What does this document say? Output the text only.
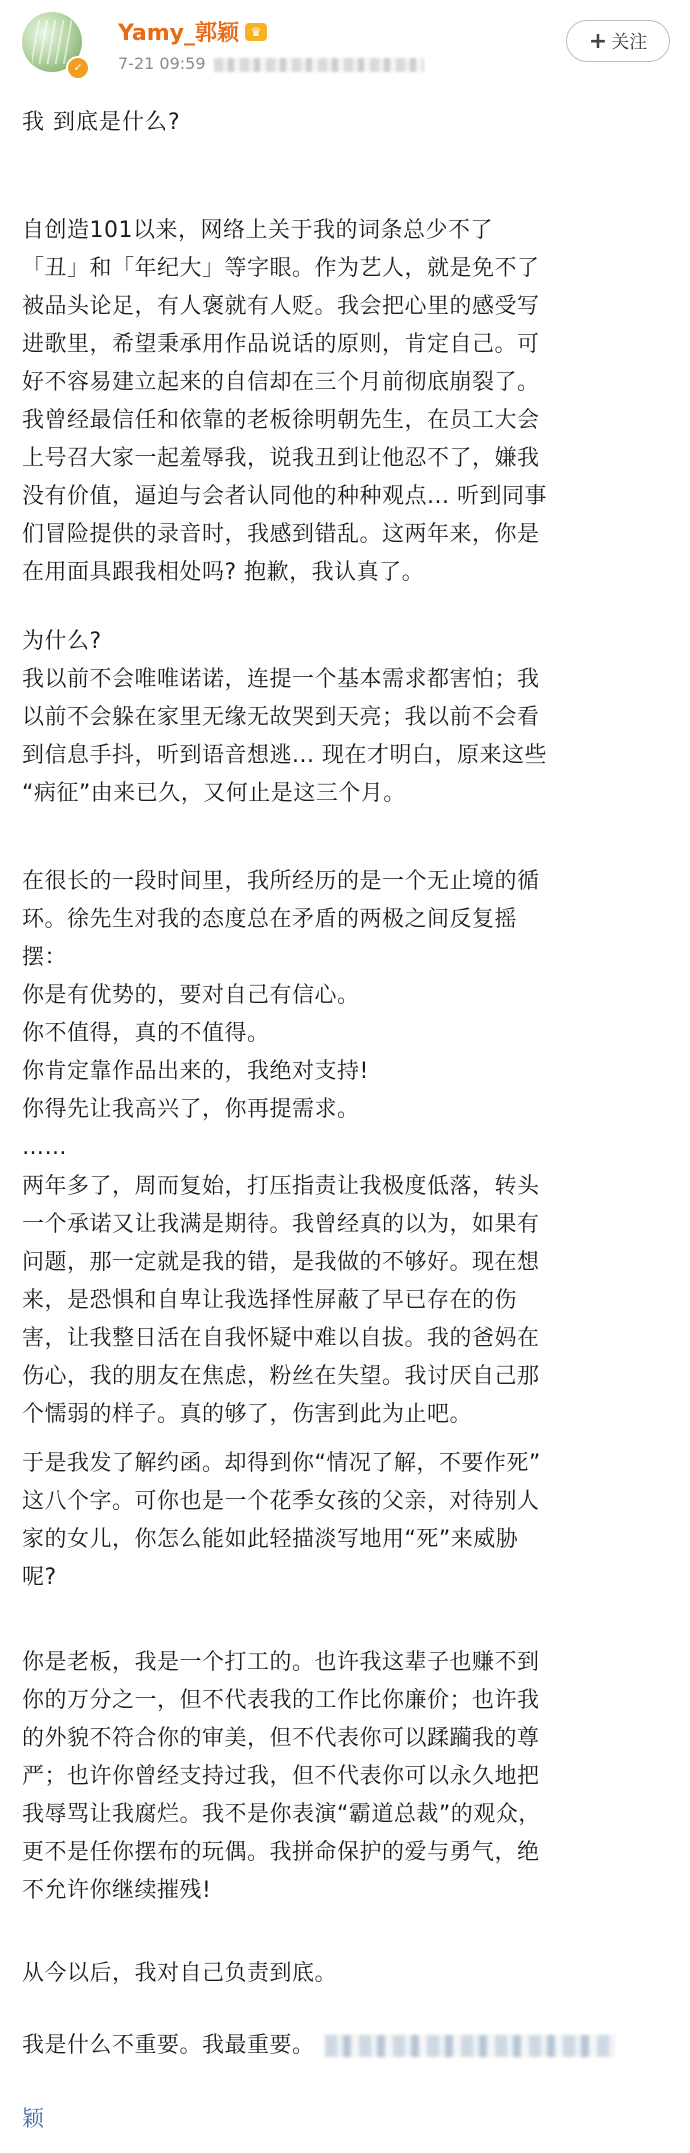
✓
Yamy_郭颖 ♛
7-21 09:59
+ 关注
我 到底是什么?
自创造101以来，网络上关于我的词条总少不了
「丑」和「年纪大」等字眼。作为艺人，就是免不了
被品头论足，有人褒就有人贬。我会把心里的感受写
进歌里，希望秉承用作品说话的原则，肯定自己。可
好不容易建立起来的自信却在三个月前彻底崩裂了。
我曾经最信任和依靠的老板徐明朝先生，在员工大会
上号召大家一起羞辱我，说我丑到让他忍不了，嫌我
没有价值，逼迫与会者认同他的种种观点... 听到同事
们冒险提供的录音时，我感到错乱。这两年来，你是
在用面具跟我相处吗? 抱歉，我认真了。
为什么?
我以前不会唯唯诺诺，连提一个基本需求都害怕；我
以前不会躲在家里无缘无故哭到天亮；我以前不会看
到信息手抖，听到语音想逃... 现在才明白，原来这些
“病征”由来已久，又何止是这三个月。
在很长的一段时间里，我所经历的是一个无止境的循
环。徐先生对我的态度总在矛盾的两极之间反复摇
摆：
你是有优势的，要对自己有信心。
你不值得，真的不值得。
你肯定靠作品出来的，我绝对支持!
你得先让我高兴了，你再提需求。
……
两年多了，周而复始，打压指责让我极度低落，转头
一个承诺又让我满是期待。我曾经真的以为，如果有
问题，那一定就是我的错，是我做的不够好。现在想
来，是恐惧和自卑让我选择性屏蔽了早已存在的伤
害，让我整日活在自我怀疑中难以自拔。我的爸妈在
伤心，我的朋友在焦虑，粉丝在失望。我讨厌自己那
个懦弱的样子。真的够了，伤害到此为止吧。
于是我发了解约函。却得到你“情况了解，不要作死”
这八个字。可你也是一个花季女孩的父亲，对待别人
家的女儿，你怎么能如此轻描淡写地用“死”来威胁
呢?
你是老板，我是一个打工的。也许我这辈子也赚不到
你的万分之一，但不代表我的工作比你廉价；也许我
的外貌不符合你的审美，但不代表你可以蹂躏我的尊
严；也许你曾经支持过我，但不代表你可以永久地把
我辱骂让我腐烂。我不是你表演“霸道总裁”的观众，
更不是任你摆布的玩偶。我拼命保护的爱与勇气，绝
不允许你继续摧残!
从今以后，我对自己负责到底。
我是什么不重要。我最重要。
颖
